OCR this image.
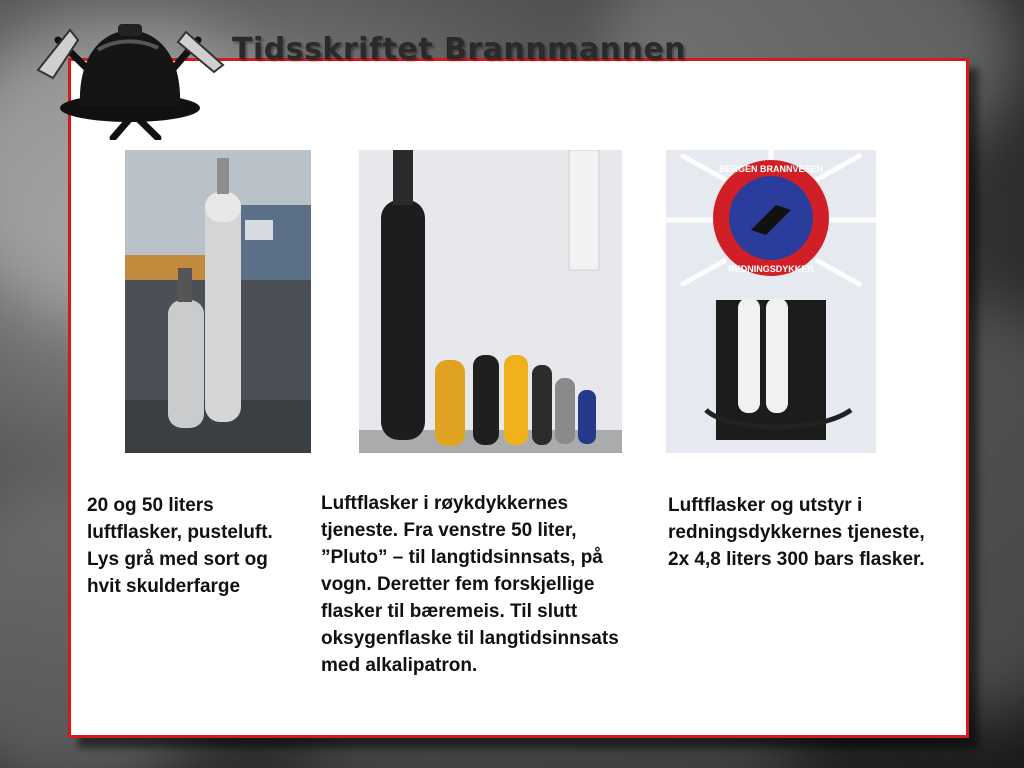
Tidsskriftet Brannmannen
BERGEN BRANNVESEN
REDNINGSDYKKER
20 og 50 liters luftflasker, pusteluft. Lys grå med sort og hvit skulderfarge
Luftflasker i røykdykkernes tjeneste. Fra venstre 50 liter, ”Pluto” – til langtidsinnsats, på vogn. Deretter fem forskjellige flasker til bæremeis. Til slutt oksygenflaske til langtidsinnsats med alkalipatron.
Luftflasker og utstyr i redningsdykkernes tjeneste, 2x 4,8 liters 300 bars flasker.
